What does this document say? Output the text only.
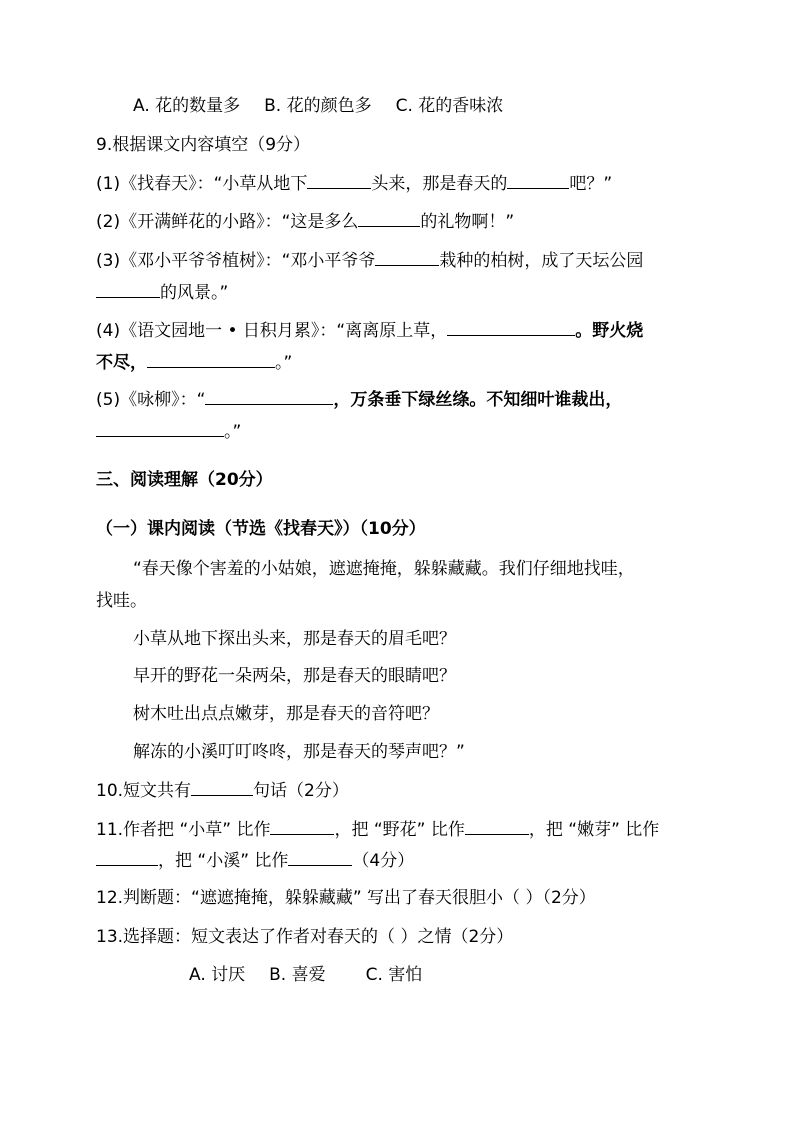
A. 花的数量多 B. 花的颜色多 C. 花的香味浓
9.根据课文内容填空（9分）
(1)《找春天》：“小草从地下	头来，那是春天的	吧？”
(2)《开满鲜花的小路》：“这是多么	的礼物啊！”
(3)《邓小平爷爷植树》：“邓小平爷爷	栽种的柏树，成了天坛公园
的风景。”
(4)《语文园地一 • 日积月累》：“离离原上草，	。野火烧
不尽，	。”
(5)《咏柳》：“	，万条垂下绿丝绦。不知细叶谁裁出，
。”
三、阅读理解（20分）
（一）课内阅读（节选《找春天》）（10分）
“春天像个害羞的小姑娘，遮遮掩掩，躲躲藏藏。我们仔细地找哇，
找哇。
小草从地下探出头来，那是春天的眉毛吧？
早开的野花一朵两朵，那是春天的眼睛吧？
树木吐出点点嫩芽，那是春天的音符吧？
解冻的小溪叮叮咚咚，那是春天的琴声吧？”
10.短文共有	句话（2分）
11.作者把 “小草” 比作	，把 “野花” 比作	，把 “嫩芽” 比作
，把 “小溪” 比作	（4分）
12.判断题：“遮遮掩掩，躲躲藏藏” 写出了春天很胆小（ ）（2分）
13.选择题：短文表达了作者对春天的（ ）之情（2分）
A. 讨厌 B. 喜爱 C. 害怕
